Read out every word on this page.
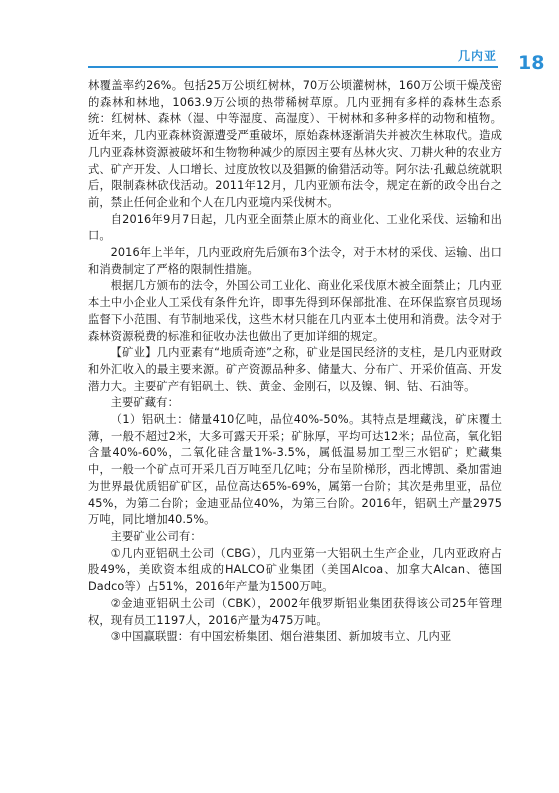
几内亚 18

林覆盖率约26%。包括25万公顷红树林，70万公顷灌树林，160万公顷干燥茂密的森林和林地，1063.9万公顷的热带稀树草原。几内亚拥有多样的森林生态系统：红树林、森林（湿、中等湿度、高湿度）、干树林和多种多样的动物和植物。近年来，几内亚森林资源遭受严重破坏，原始森林逐渐消失并被次生林取代。造成几内亚森林资源被破坏和生物物种减少的原因主要有丛林火灾、刀耕火种的农业方式、矿产开发、人口增长、过度放牧以及猖獗的偷猎活动等。阿尔法·孔戴总统就职后，限制森林砍伐活动。2011年12月，几内亚颁布法令，规定在新的政令出台之前，禁止任何企业和个人在几内亚境内采伐树木。

自2016年9月7日起，几内亚全面禁止原木的商业化、工业化采伐、运输和出口。

2016年上半年，几内亚政府先后颁布3个法令，对于木材的采伐、运输、出口和消费制定了严格的限制性措施。

根据几方颁布的法令，外国公司工业化、商业化采伐原木被全面禁止；几内亚本土中小企业人工采伐有条件允许，即事先得到环保部批准、在环保监察官员现场监督下小范围、有节制地采伐，这些木材只能在几内亚本土使用和消费。法令对于森林资源税费的标准和征收办法也做出了更加详细的规定。

【矿业】几内亚素有“地质奇迹”之称，矿业是国民经济的支柱，是几内亚财政和外汇收入的最主要来源。矿产资源品种多、储量大、分布广、开采价值高、开发潜力大。主要矿产有铝矾土、铁、黄金、金刚石，以及镍、铜、钴、石油等。

主要矿藏有：

（1）铝矾土：储量410亿吨，品位40%-50%。其特点是埋藏浅，矿床覆土薄，一般不超过2米，大多可露天开采；矿脉厚，平均可达12米；品位高，氧化铝含量40%-60%，二氧化硅含量1%-3.5%，属低温易加工型三水铝矿；贮藏集中，一般一个矿点可开采几百万吨至几亿吨；分布呈阶梯形，西北博凯、桑加雷迪为世界最优质铝矿矿区，品位高达65%-69%，属第一台阶；其次是弗里亚，品位45%，为第二台阶；金迪亚品位40%，为第三台阶。2016年，铝矾土产量2975万吨，同比增加40.5%。

主要矿业公司有：

①几内亚铝矾土公司（CBG），几内亚第一大铝矾土生产企业，几内亚政府占股49%，美欧资本组成的HALCO矿业集团（美国Alcoa、加拿大Alcan、德国Dadco等）占51%，2016年产量为1500万吨。

②金迪亚铝矾土公司（CBK），2002年俄罗斯铝业集团获得该公司25年管理权，现有员工1197人，2016产量为475万吨。

③中国赢联盟：有中国宏桥集团、烟台港集团、新加坡韦立、几内亚
